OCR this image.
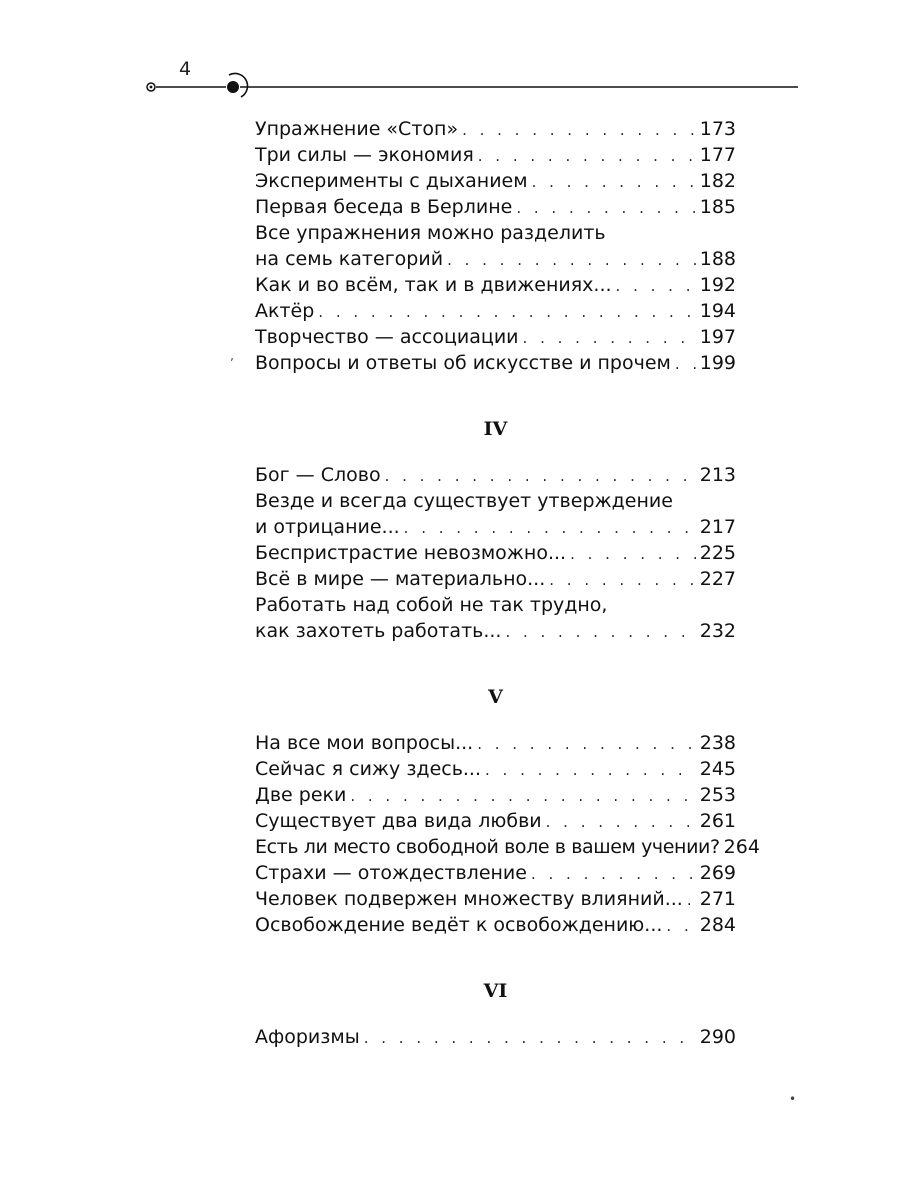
4
Упражнение «Стоп» . . .	173
Три силы — экономия . . .	177
Эксперименты с дыханием . . .	182
Первая беседа в Берлине . . .	185
Все упражнения можно разделить
на семь категорий . . .	188
Как и во всём, так и в движениях... . . .	192
Актёр . . .	194
Творчество — ассоциации . . .	197
Вопросы и ответы об искусстве и прочем . . . 199
IV
Бог — Слово . . .	213
Везде и всегда существует утверждение
и отрицание... . . .	217
Беспристрастие невозможно... . . .	225
Всё в мире — материально... . . .	227
Работать над собой не так трудно,
как захотеть работать... . . .	232
V
На все мои вопросы... . . .	238
Сейчас я сижу здесь... . . .	245
Две реки . . .	253
Существует два вида любви . . .	261
Есть ли место свободной воле в вашем учении? 264
Страхи — отождествление . . .	269
Человек подвержен множеству влияний... . . . 271
Освобождение ведёт к освобождению... . . . 284
VI
Афоризмы . . .	290
ʼ
•
